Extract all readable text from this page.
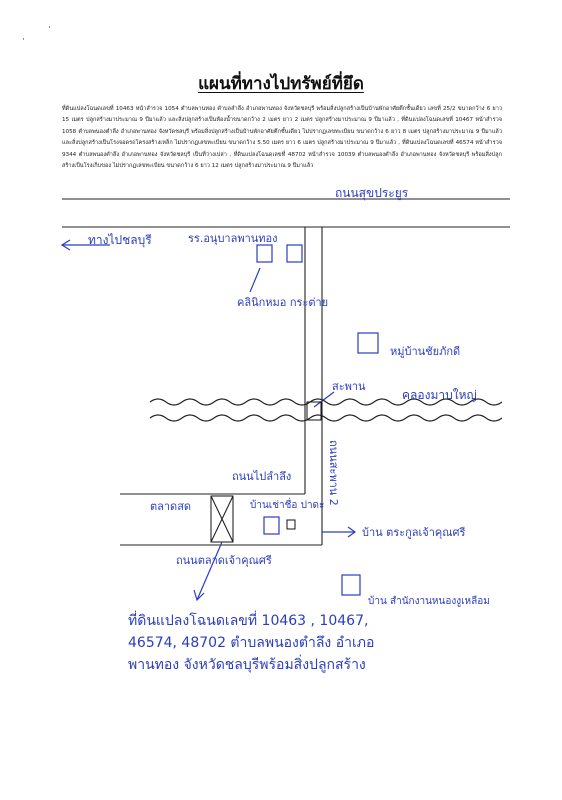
แผนที่ทางไปทรัพย์ที่ยึด
ที่ดินแปลงโฉนดเลขที่ 10463 หน้าสำรวจ 1054 ตำบลพานทอง ตำบลลำลึง อำเภอพานทอง จังหวัดชลบุรี พร้อมสิ่งปลูกสร้างเป็นบ้านพักอาศัยตึกชั้นเดียว เลขที่ 25/2 ขนาดกว้าง 6 ยาว 15 เมตร ปลูกสร้างมาประมาณ 9 ปีมาแล้ว และสิ่งปลูกสร้างเป็นห้องน้ำขนาดกว้าง 2 เมตร ยาว 2 เมตร ปลูกสร้างมาประมาณ 9 ปีมาแล้ว , ที่ดินแปลงโฉนดเลขที่ 10467 หน้าสำรวจ 1058 ตำบลพนองตำลึง อำเภอพานทอง จังหวัดชลบุรี พร้อมสิ่งปลูกสร้างเป็นบ้านพักอาศัยตึกชั้นเดียว ไม่ปรากฏเลขทะเบียน ขนาดกว้าง 6 ยาว 8 เมตร ปลูกสร้างมาประมาณ 9 ปีมาแล้ว และสิ่งปลูกสร้างเป็นโรงจอดรถโครงสร้างเหล็ก ไม่ปรากฏเลขทะเบียน ขนาดกว้าง 5.50 เมตร ยาว 6 เมตร ปลูกสร้างมาประมาณ 9 ปีมาแล้ว , ที่ดินแปลงโฉนดเลขที่ 46574 หน้าสำรวจ 9344 ตำบลพนองตำลึง อำเภอพานทอง จังหวัดชลบุรี เป็นที่ว่างเปล่า , ที่ดินแปลงโฉนดเลขที่ 48702 หน้าสำรวจ 10039 ตำบลพนองตำลึง อำเภอพานทอง จังหวัดชลบุรี พร้อมสิ่งปลูกสร้างเป็นโรงเก็บของ ไม่ปรากฏเลขทะเบียน ขนาดกว้าง 6 ยาว 12 เมตร ปลูกสร้างมาประมาณ 9 ปีมาแล้ว
·
·
ถนนสุขประยูร
ทางไปชลบุรี	รร.อนุบาลพานทอง
คลินิกหมอ กระต่าย
หมู่บ้านชัยภักดี
สะพาน
คลองมาบใหญ่
ถนนสะพาน 2
ถนนไปลำลึง
ตลาดสด	บ้านเช่าชื่อ ปาดะ
บ้าน ตระกูลเจ้าคุณศรี
ถนนตลาดเจ้าคุณศรี
บ้าน สำนักงานหนองงูเหลือม
ที่ดินแปลงโฉนดเลขที่ 10463 , 10467, 46574, 48702 ตำบลพนองตำลึง อำเภอพานทอง จังหวัดชลบุรีพร้อมสิ่งปลูกสร้าง
